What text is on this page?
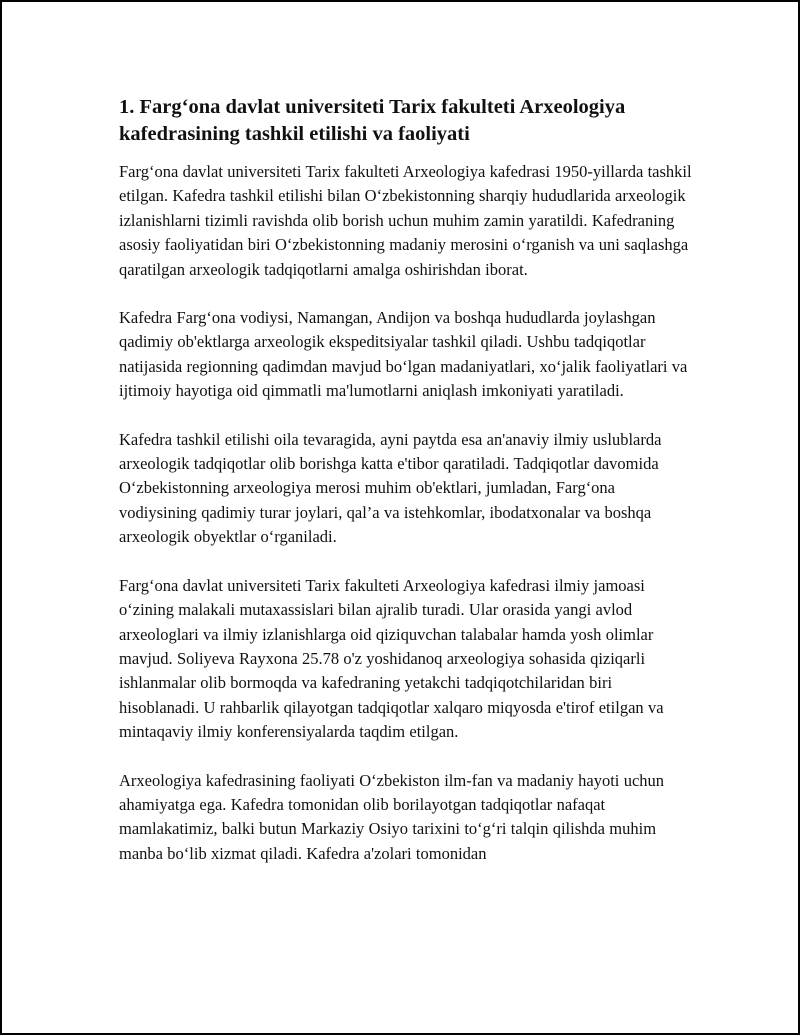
1. Farg‘ona davlat universiteti Tarix fakulteti Arxeologiya kafedrasining tashkil etilishi va faoliyati

Farg‘ona davlat universiteti Tarix fakulteti Arxeologiya kafedrasi 1950-yillarda tashkil etilgan. Kafedra tashkil etilishi bilan O‘zbekistonning sharqiy hududlarida arxeologik izlanishlarni tizimli ravishda olib borish uchun muhim zamin yaratildi. Kafedraning asosiy faoliyatidan biri O‘zbekistonning madaniy merosini o‘rganish va uni saqlashga qaratilgan arxeologik tadqiqotlarni amalga oshirishdan iborat.

Kafedra Farg‘ona vodiysi, Namangan, Andijon va boshqa hududlarda joylashgan qadimiy ob'ektlarga arxeologik ekspeditsiyalar tashkil qiladi. Ushbu tadqiqotlar natijasida regionning qadimdan mavjud bo‘lgan madaniyatlari, xo‘jalik faoliyatlari va ijtimoiy hayotiga oid qimmatli ma'lumotlarni aniqlash imkoniyati yaratiladi.

Kafedra tashkil etilishi oila tevaragida, ayni paytda esa an'anaviy ilmiy uslublarda arxeologik tadqiqotlar olib borishga katta e'tibor qaratiladi. Tadqiqotlar davomida O‘zbekistonning arxeologiya merosi muhim ob'ektlari, jumladan, Farg‘ona vodiysining qadimiy turar joylari, qal’a va istehkomlar, ibodatxonalar va boshqa arxeologik obyektlar o‘rganiladi.

Farg‘ona davlat universiteti Tarix fakulteti Arxeologiya kafedrasi ilmiy jamoasi o‘zining malakali mutaxassislari bilan ajralib turadi. Ular orasida yangi avlod arxeologlari va ilmiy izlanishlarga oid qiziquvchan talabalar hamda yosh olimlar mavjud. Soliyeva Rayxona 25.78 o'z yoshidanoq arxeologiya sohasida qiziqarli ishlanmalar olib bormoqda va kafedraning yetakchi tadqiqotchilaridan biri hisoblanadi. U rahbarlik qilayotgan tadqiqotlar xalqaro miqyosda e'tirof etilgan va mintaqaviy ilmiy konferensiyalarda taqdim etilgan.

Arxeologiya kafedrasining faoliyati O‘zbekiston ilm-fan va madaniy hayoti uchun ahamiyatga ega. Kafedra tomonidan olib borilayotgan tadqiqotlar nafaqat mamlakatimiz, balki butun Markaziy Osiyo tarixini to‘g‘ri talqin qilishda muhim manba bo‘lib xizmat qiladi. Kafedra a'zolari tomonidan
